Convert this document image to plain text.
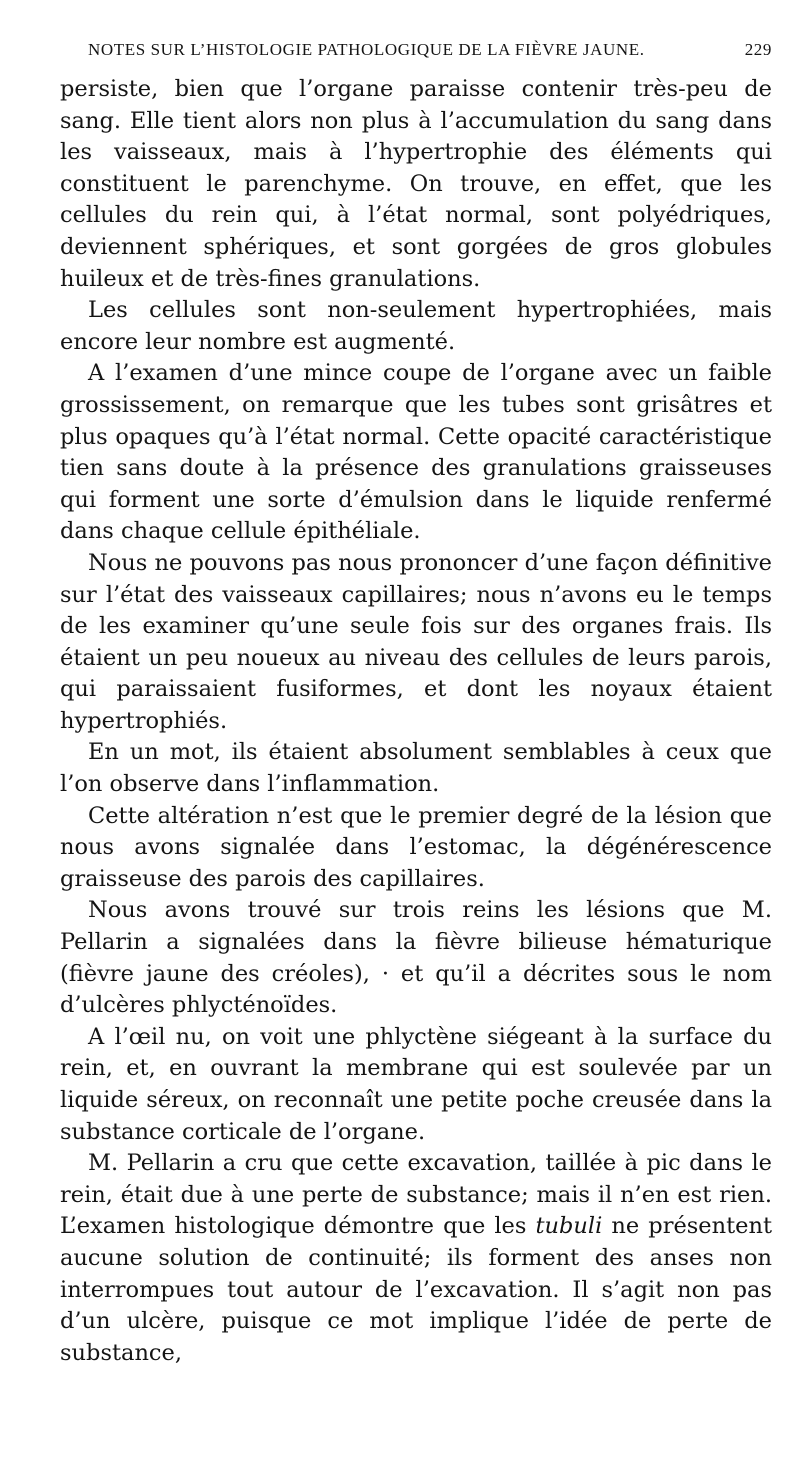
NOTES SUR L’HISTOLOGIE PATHOLOGIQUE DE LA FIÈVRE JAUNE.	229

persiste, bien que l’organe paraisse contenir très-peu de sang. Elle tient alors non plus à l’accumulation du sang dans les vaisseaux, mais à l’hypertrophie des éléments qui constituent le parenchyme. On trouve, en effet, que les cellules du rein qui, à l’état normal, sont polyédriques, deviennent sphériques, et sont gorgées de gros globules huileux et de très-fines granulations.

Les cellules sont non-seulement hypertrophiées, mais encore leur nombre est augmenté.

A l’examen d’une mince coupe de l’organe avec un faible grossissement, on remarque que les tubes sont grisâtres et plus opaques qu’à l’état normal. Cette opacité caractéristique tien sans doute à la présence des granulations graisseuses qui forment une sorte d’émulsion dans le liquide renfermé dans chaque cellule épithéliale.

Nous ne pouvons pas nous prononcer d’une façon définitive sur l’état des vaisseaux capillaires; nous n’avons eu le temps de les examiner qu’une seule fois sur des organes frais. Ils étaient un peu noueux au niveau des cellules de leurs parois, qui paraissaient fusiformes, et dont les noyaux étaient hypertrophiés.

En un mot, ils étaient absolument semblables à ceux que l’on observe dans l’inflammation.

Cette altération n’est que le premier degré de la lésion que nous avons signalée dans l’estomac, la dégénérescence graisseuse des parois des capillaires.

Nous avons trouvé sur trois reins les lésions que M. Pellarin a signalées dans la fièvre bilieuse hématurique (fièvre jaune des créoles), · et qu’il a décrites sous le nom d’ulcères phlycténoïdes.

A l’œil nu, on voit une phlyctène siégeant à la surface du rein, et, en ouvrant la membrane qui est soulevée par un liquide séreux, on reconnaît une petite poche creusée dans la substance corticale de l’organe.

M. Pellarin a cru que cette excavation, taillée à pic dans le rein, était due à une perte de substance; mais il n’en est rien. L’examen histologique démontre que les tubuli ne présentent aucune solution de continuité; ils forment des anses non interrompues tout autour de l’excavation. Il s’agit non pas d’un ulcère, puisque ce mot implique l’idée de perte de substance,
